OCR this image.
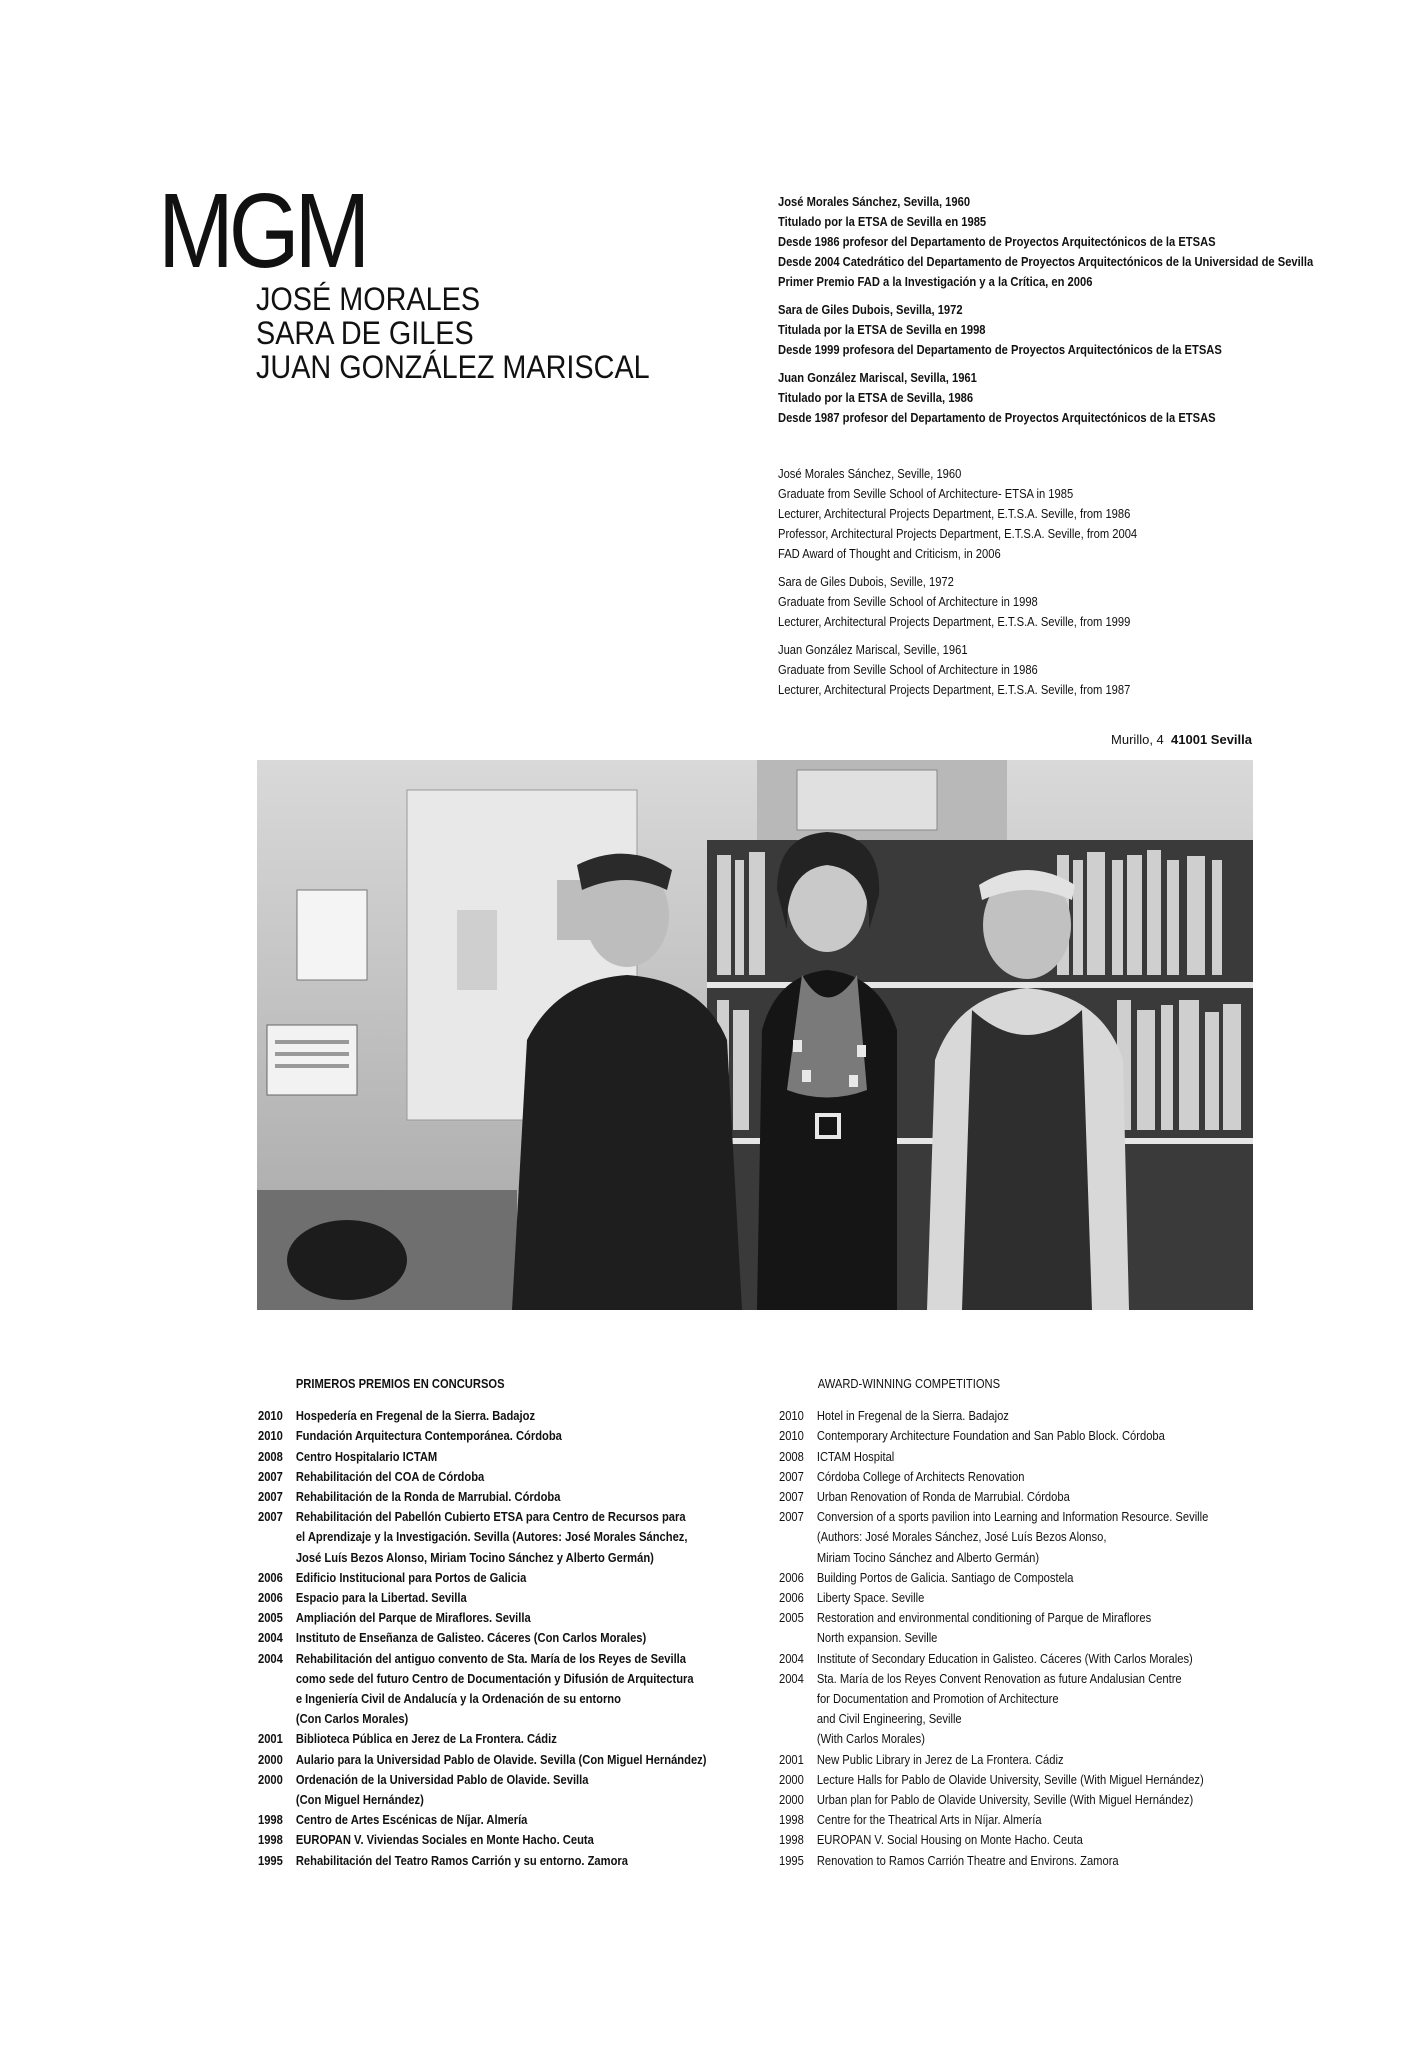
MGM
JOSÉ MORALES
SARA DE GILES
JUAN GONZÁLEZ MARISCAL
José Morales Sánchez, Sevilla, 1960
Titulado por la ETSA de Sevilla en 1985
Desde 1986 profesor del Departamento de Proyectos Arquitectónicos de la ETSAS
Desde 2004 Catedrático del Departamento de Proyectos Arquitectónicos de la Universidad de Sevilla
Primer Premio FAD a la Investigación y a la Crítica, en 2006
Sara de Giles Dubois, Sevilla, 1972
Titulada por la ETSA de Sevilla en 1998
Desde 1999 profesora del Departamento de Proyectos Arquitectónicos de la ETSAS
Juan González Mariscal, Sevilla, 1961
Titulado por la ETSA de Sevilla, 1986
Desde 1987 profesor del Departamento de Proyectos Arquitectónicos de la ETSAS
José Morales Sánchez, Seville, 1960
Graduate from Seville School of Architecture- ETSA in 1985
Lecturer, Architectural Projects Department, E.T.S.A. Seville, from 1986
Professor, Architectural Projects Department, E.T.S.A. Seville, from 2004
FAD Award of Thought and Criticism, in 2006
Sara de Giles Dubois, Seville, 1972
Graduate from Seville School of Architecture in 1998
Lecturer, Architectural Projects Department, E.T.S.A. Seville, from 1999
Juan González Mariscal, Seville, 1961
Graduate from Seville School of Architecture in 1986
Lecturer, Architectural Projects Department, E.T.S.A. Seville, from 1987
Murillo, 4 41001 Sevilla
PRIMEROS PREMIOS EN CONCURSOS
2010 Hospedería en Fregenal de la Sierra. Badajoz
2010 Fundación Arquitectura Contemporánea. Córdoba
2008 Centro Hospitalario ICTAM
2007 Rehabilitación del COA de Córdoba
2007 Rehabilitación de la Ronda de Marrubial. Córdoba
2007 Rehabilitación del Pabellón Cubierto ETSA para Centro de Recursos para
el Aprendizaje y la Investigación. Sevilla (Autores: José Morales Sánchez,
José Luís Bezos Alonso, Miriam Tocino Sánchez y Alberto Germán)
2006 Edificio Institucional para Portos de Galicia
2006 Espacio para la Libertad. Sevilla
2005 Ampliación del Parque de Miraflores. Sevilla
2004 Instituto de Enseñanza de Galisteo. Cáceres (Con Carlos Morales)
2004 Rehabilitación del antiguo convento de Sta. María de los Reyes de Sevilla
como sede del futuro Centro de Documentación y Difusión de Arquitectura
e Ingeniería Civil de Andalucía y la Ordenación de su entorno
(Con Carlos Morales)
2001 Biblioteca Pública en Jerez de La Frontera. Cádiz
2000 Aulario para la Universidad Pablo de Olavide. Sevilla (Con Miguel Hernández)
2000 Ordenación de la Universidad Pablo de Olavide. Sevilla
(Con Miguel Hernández)
1998 Centro de Artes Escénicas de Níjar. Almería
1998 EUROPAN V. Viviendas Sociales en Monte Hacho. Ceuta
1995 Rehabilitación del Teatro Ramos Carrión y su entorno. Zamora
AWARD-WINNING COMPETITIONS
2010 Hotel in Fregenal de la Sierra. Badajoz
2010 Contemporary Architecture Foundation and San Pablo Block. Córdoba
2008 ICTAM Hospital
2007 Córdoba College of Architects Renovation
2007 Urban Renovation of Ronda de Marrubial. Córdoba
2007 Conversion of a sports pavilion into Learning and Information Resource. Seville
(Authors: José Morales Sánchez, José Luís Bezos Alonso,
Miriam Tocino Sánchez and Alberto Germán)
2006 Building Portos de Galicia. Santiago de Compostela
2006 Liberty Space. Seville
2005 Restoration and environmental conditioning of Parque de Miraflores
North expansion. Seville
2004 Institute of Secondary Education in Galisteo. Cáceres (With Carlos Morales)
2004 Sta. María de los Reyes Convent Renovation as future Andalusian Centre
for Documentation and Promotion of Architecture
and Civil Engineering, Seville
(With Carlos Morales)
2001 New Public Library in Jerez de La Frontera. Cádiz
2000 Lecture Halls for Pablo de Olavide University, Seville (With Miguel Hernández)
2000 Urban plan for Pablo de Olavide University, Seville (With Miguel Hernández)
1998 Centre for the Theatrical Arts in Níjar. Almería
1998 EUROPAN V. Social Housing on Monte Hacho. Ceuta
1995 Renovation to Ramos Carrión Theatre and Environs. Zamora
